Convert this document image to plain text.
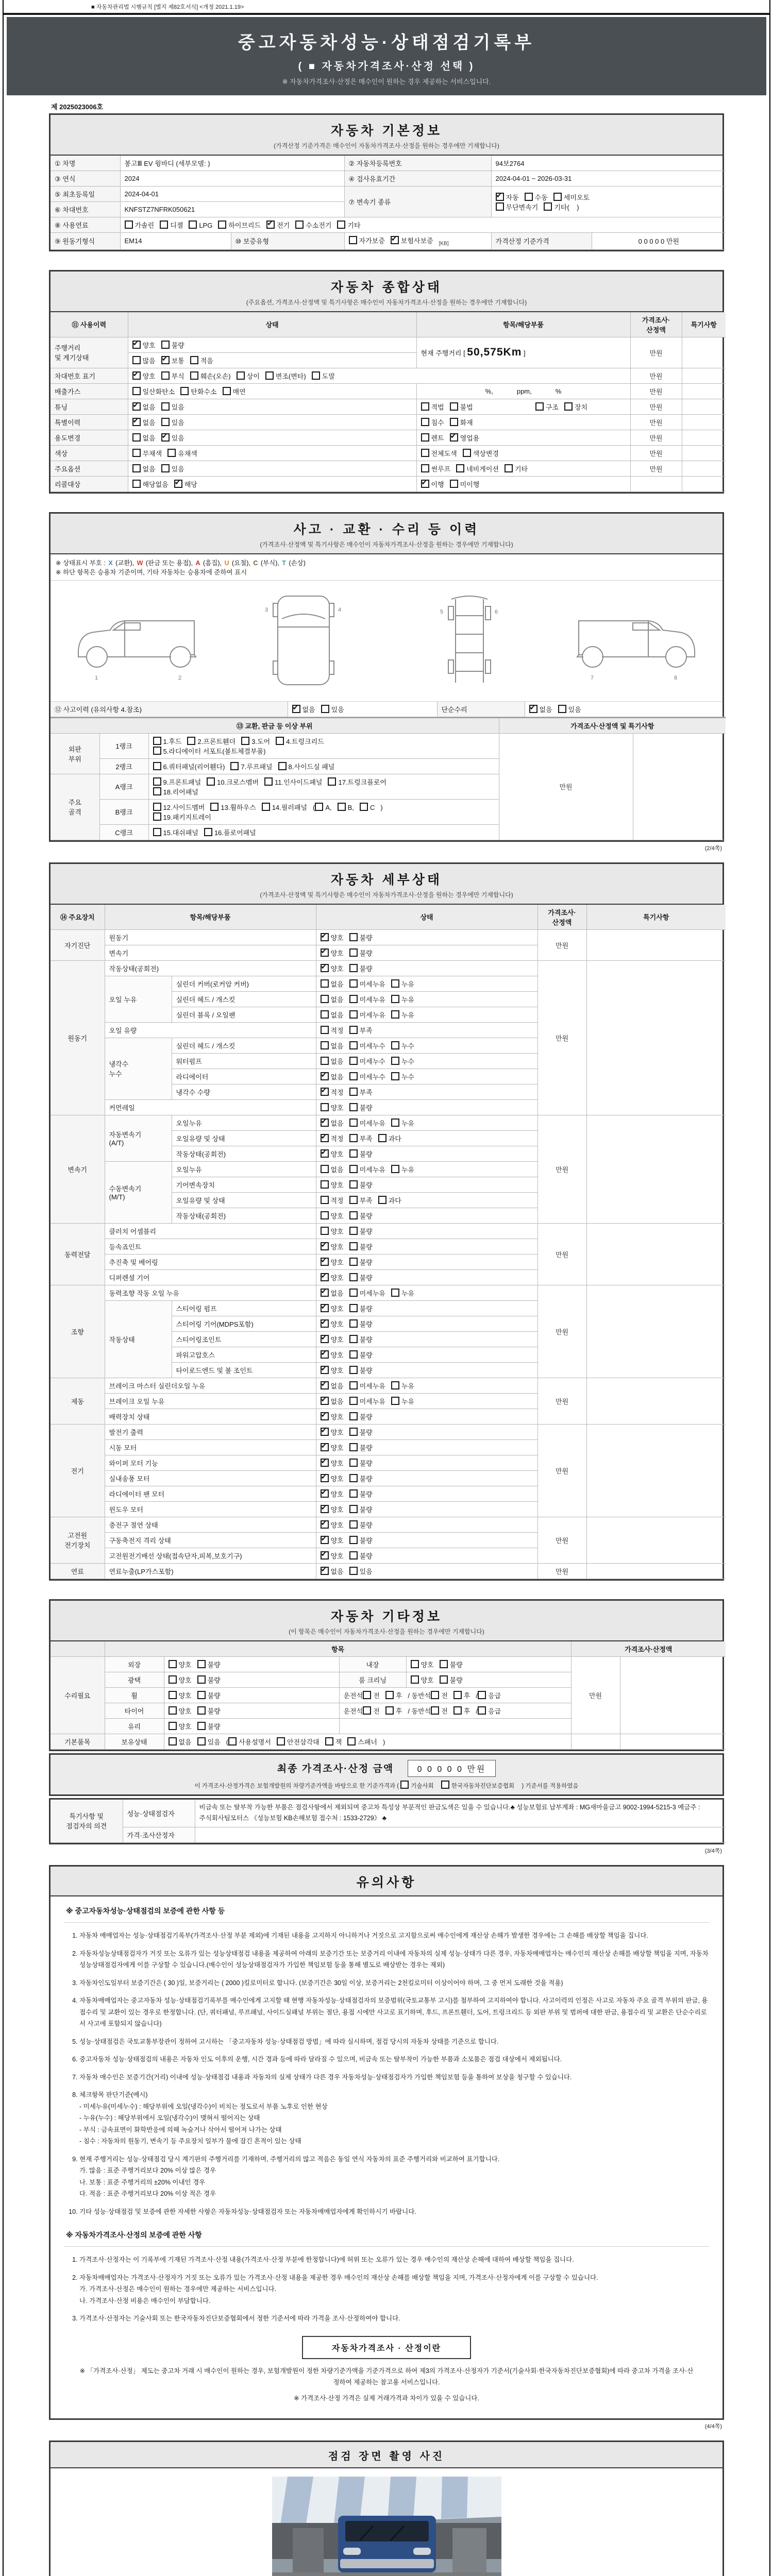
■ 자동차관리법 시행규칙 [별지 제82호서식] <개정 2021.1.19>
중고자동차성능·상태점검기록부
( ■ 자동차가격조사·산정 선택 )
※ 자동차가격조사·산정은 매수인이 원하는 경우 제공하는 서비스입니다.
제 2025023006호
자동차 기본정보
(가격산정 기준가격은 매수인이 자동차가격조사·산정을 원하는 경우에만 기재합니다)
① 차명	봉고Ⅲ EV 윙바디 (세부모델: )		② 자동차등록번호	94보2764	
③ 연식	2024		④ 검사유효기간	2024-04-01 ~ 2026-03-31	
⑤ 최초등록일	2024-04-01		⑦ 변속기 종류	✔자동 수동 세미오토
무단변속기 기타(    )
⑥ 차대번호	KNFSTZ7NFRK050621				
⑧ 사용연료	가솔린 디젤 LPG 하이브리드 ✔ 전기 수소전기 기타
⑨ 원동기형식	EM14	⑩ 보증유형	자가보증 ✔ 보험사보증 $_{[KB]}$	가격산정 기준가격	0 0 0 0 0 만원

자동차 종합상태
(주요옵션, 가격조사·산정액 및 특기사항은 매수인이 자동차가격조사·산정을 원하는 경우에만 기재합니다)
⑪ 사용이력	상태	항목/해당부품	가격조사·산정액	특기사항
주행거리
및 계기상태	✔양호 불량	현재 주행거리 [ 50,575Km ]	만원	
	많음 ✔ 보통 적음
차대번호 표기	✔양호 부식 훼손(오손) 상이 변조(변타) 도말		만원	
배출가스	일산화탄소 탄화수소 매연	%, ppm, %	만원	
튜닝	✔없음 있음	적법 불법 구조 장치	만원	
특별이력	✔없음 있음	침수 화재	만원	
용도변경	없음 ✔ 있음	렌트 ✔ 영업용	만원	
색상	무채색 유채색	전체도색 색상변경	만원	
주요옵션	없음 있음	썬루프 네비게이션 기타	만원	
리콜대상	해당없음 ✔ 해당	✔이행 미이행		

사고 · 교환 · 수리 등 이력
(가격조사·산정액 및 특기사항은 매수인이 자동차가격조사·산정을 원하는 경우에만 기재합니다)
※ 상태표시 부호 : X (교환), W (판금 또는 용접), A (흠집), U (요철), C (부식), T (손상)
※ 하단 항목은 승용차 기준이며, 기타 자동차는 승용차에 준하여 표시
1	2
3	4	5	6
7	8
⑫ 사고이력 (유의사항 4.참조)	✔없음 있음	단순수리	✔없음 있음
⑬ 교환, 판금 등 이상 부위			가격조사·산정액 및 특기사항	
외판
부위	1랭크	1.후드 2.프론트휀더 3.도어 4.트렁크리드
5.라디에이터 서포트(볼트체결부품)	만원	
	2랭크	6.쿼터패널(리어휀다) 7.루프패널 8.사이드실 패널		
주요
골격	A랭크	9.프론트패널 10.크로스멤버 11.인사이드패널 17.트렁크플로어
18.리어패널		
	B랭크	12.사이드멤버 13.휠하우스 14.필러패널 ( A, B, C )
19.패키지트레이		
	C랭크	15.대쉬패널 16.플로어패널		
(2/4쪽)
자동차 세부상태
(가격조사·산정액 및 특기사항은 매수인이 자동차가격조사·산정을 원하는 경우에만 기재합니다)
⑭ 주요장치	항목/해당부품		상태	가격조사·산정액	특기사항
자기진단	원동기	✔양호 불량	만원	
	변속기	✔양호 불량
원동기	작동상태(공회전)	✔양호 불량	만원	
	오일 누유	실린더 커버(로커암 커버)	없음 미세누유 누유		
		실린더 헤드 / 개스킷	없음 미세누유 누유		
		실린더 블록 / 오일팬	없음 미세누유 누유		
	오일 유량		적정 부족		
	냉각수
누수	실린더 헤드 / 개스킷	없음 미세누수 누수		
		워터펌프	없음 미세누수 누수		
		라디에이터	✔없음 미세누수 누수
		냉각수 수량	✔적정 부족
	커먼레일		양호 불량		
변속기	자동변속기
(A/T)	오일누유	✔없음 미세누유 누유	만원	
		오일유량 및 상태	✔적정 부족 과다
		작동상태(공회전)	✔양호 불량
	수동변속기
(M/T)	오일누유	없음 미세누유 누유		
		기어변속장치	양호 불량		
		오일유량 및 상태	적정 부족 과다		
		작동상태(공회전)	양호 불량		
동력전달	클러치 어셈블리		양호 불량	만원	
	등속죠인트	✔양호 불량
	추진축 및 베어링	✔양호 불량
	디퍼렌셜 기어	✔양호 불량
조향	동력조향 작동 오일 누유	✔없음 미세누유 누유	만원	
	작동상태	스티어링 펌프	✔양호 불량
		스티어링 기어(MDPS포함)	✔양호 불량
		스티어링조인트	✔양호 불량
		파워고압호스	✔양호 불량
		타이로드엔드 및 볼 조인트	✔양호 불량
제동	브레이크 마스터 실린더오일 누유	✔없음 미세누유 누유	만원	
	브레이크 오일 누유	✔없음 미세누유 누유
	배력장치 상태	✔양호 불량
전기	발전기 출력	✔양호 불량	만원	
	시동 모터	✔양호 불량
	와이퍼 모터 기능	✔양호 불량
	실내송풍 모터	✔양호 불량
	라디에이터 팬 모터	✔양호 불량
	윈도우 모터	✔양호 불량
고전원
전기장치	충전구 절연 상태	✔양호 불량	만원	
	구동축전지 격리 상태	✔양호 불량
	고전원전기배선 상태(접속단자,피복,보호기구)	✔양호 불량
연료	연료누출(LP가스포함)	✔없음 있음	만원	

자동차 기타정보
(이 항목은 매수인이 자동차가격조사·산정을 원하는 경우에만 기재합니다)
	항목				가격조사·산정액	
수리필요	외장	양호 불량	내장	양호 불량	만원	
	광택	양호 불량	룸 크리닝	양호 불량		
	휠	양호 불량	운전석 전 후 / 동반석 전 후 / 응급			
	타이어	양호 불량	운전석 전 후 / 동반석 전 후 / 응급			
	유리	양호 불량				
기본품목	보유상태	없음 있음 ( 사용설명서 안전삼각대 잭 스패너 )				
최종 가격조사·산정 금액	0 0 0 0 0 만원
이 가격조사·산정가격은 보험개발원의 차량기준가액을 바탕으로 한 기준가격과 ( 기술사회	한국자동차진단보증협회 ) 기준서를 적용하였음
특기사항 및
점검자의 의견	성능·상태점검자	비금속 또는 탈부착 가능한 부품은 점검사항에서 제외되며 중고차 특성상 부분적인 판금도색은 있을 수 있습니다.♣ 성능보험료 납부계좌 : MG새마을금고 9002-1994-5215-3 예금주 : 주식회사팀모터스 《성능보험 KB손해보험 접수처 : 1533-2729》 ♣
	가격·조사산정자	
(3/4쪽)
유의사항
※ 중고자동차성능·상태점검의 보증에 관한 사항 등
1. 자동차 매매업자는 성능·상태점검기록부(가격조사·산정 부분 제외)에 기재된 내용을 고지하지 아니하거나 거짓으로 고지함으로써 매수인에게 재산상 손해가 발생한 경우에는 그 손해를 배상할 책임을 집니다.
2. 자동차성능상태점검자가 거짓 또는 오류가 있는 성능상태점검 내용을 제공하여 아래의 보증기간 또는 보증거리 이내에 자동차의 실제 성능·상태가 다른 경우, 자동차매매업자는 매수인의 재산상 손해를 배상할 책임을 지며, 자동차성능상태점검자에게 이를 구상할 수 있습니다.(매수인이 성능상태점검자가 가입한 책임보험 등을 통해 별도로 배상받는 경우는 제외)
3. 자동차인도일부터 보증기간은 ( 30 )일, 보증거리는 ( 2000 )킬로미터로 합니다. (보증기간은 30일 이상, 보증거리는 2천킬로미터 이상이어야 하며, 그 중 먼저 도래한 것을 적용)
4. 자동차매매업자는 중고자동차 성능·상태점검기록부를 매수인에게 고지할 때 현행 자동차성능·상태점검자의 보증범위(국토교통부 고시)를 첨부하여 고지하여야 합니다. 사고이력의 인정은 사고로 자동차 주요 골격 부위의 판금, 용접수리 및 교환이 있는 경우로 한정합니다. (단, 쿼터패널, 루프패널, 사이드실패널 부위는 절단, 용접 시에만 사고로 표기하며, 후드, 프론트휀더, 도어, 트렁크리드 등 외판 부위 및 범퍼에 대한 판금, 용접수리 및 교환은 단순수리로서 사고에 포함되지 않습니다)
5. 성능·상태점검은 국토교통부장관이 정하여 고시하는 「중고자동차 성능·상태점검 방법」에 따라 실시하며, 점검 당시의 자동차 상태를 기준으로 합니다.
6. 중고자동차 성능·상태점검의 내용은 자동차 인도 이후의 운행, 시간 경과 등에 따라 달라질 수 있으며, 비금속 또는 탈부착이 가능한 부품과 소모품은 점검 대상에서 제외됩니다.
7. 자동차 매수인은 보증기간(거리) 이내에 성능·상태점검 내용과 자동차의 실제 상태가 다른 경우 자동차성능·상태점검자가 가입한 책임보험 등을 통하여 보상을 청구할 수 있습니다.
8. 체크항목 판단기준(예시)
- 미세누유(미세누수) : 해당부위에 오일(냉각수)이 비치는 정도로서 부품 노후로 인한 현상
- 누유(누수) : 해당부위에서 오일(냉각수)이 맺혀서 떨어지는 상태
- 부식 : 금속표면이 화학반응에 의해 녹슬거나 삭아서 떨어져 나가는 상태
- 침수 : 자동차의 원동기, 변속기 등 주요장치 일부가 물에 잠긴 흔적이 있는 상태
9. 현재 주행거리는 성능·상태점검 당시 계기판의 주행거리를 기재하며, 주행거리의 많고 적음은 동일 연식 자동차의 표준 주행거리와 비교하여 표기합니다.
가. 많음 : 표준 주행거리보다 20% 이상 많은 경우
나. 보통 : 표준 주행거리의 ±20% 이내인 경우
다. 적음 : 표준 주행거리보다 20% 이상 적은 경우
10. 기타 성능·상태점검 및 보증에 관한 자세한 사항은 자동차성능·상태점검자 또는 자동차매매업자에게 확인하시기 바랍니다.
※ 자동차가격조사·산정의 보증에 관한 사항
1. 가격조사·산정자는 이 기록부에 기재된 가격조사·산정 내용(가격조사·산정 부분에 한정합니다)에 허위 또는 오류가 있는 경우 매수인의 재산상 손해에 대하여 배상할 책임을 집니다.
2. 자동차매매업자는 가격조사·산정자가 거짓 또는 오류가 있는 가격조사·산정 내용을 제공한 경우 매수인의 재산상 손해를 배상할 책임을 지며, 가격조사·산정자에게 이를 구상할 수 있습니다.
가. 가격조사·산정은 매수인이 원하는 경우에만 제공하는 서비스입니다.
나. 가격조사·산정 비용은 매수인이 부담합니다.
3. 가격조사·산정자는 기술사회 또는 한국자동차진단보증협회에서 정한 기준서에 따라 가격을 조사·산정하여야 합니다.
자동차가격조사 · 산정이란
※ 「가격조사·산정」 제도는 중고차 거래 시 매수인이 원하는 경우, 보험개발원이 정한 차량기준가액을 기준가격으로 하여 제3의 가격조사·산정자가 기준서(기술사회·한국자동차진단보증협회)에 따라 중고차 가격을 조사·산정하여 제공하는 참고용 서비스입니다.
※ 가격조사·산정 가격은 실제 거래가격과 차이가 있을 수 있습니다.
(4/4쪽)
점검 장면 촬영 사진
